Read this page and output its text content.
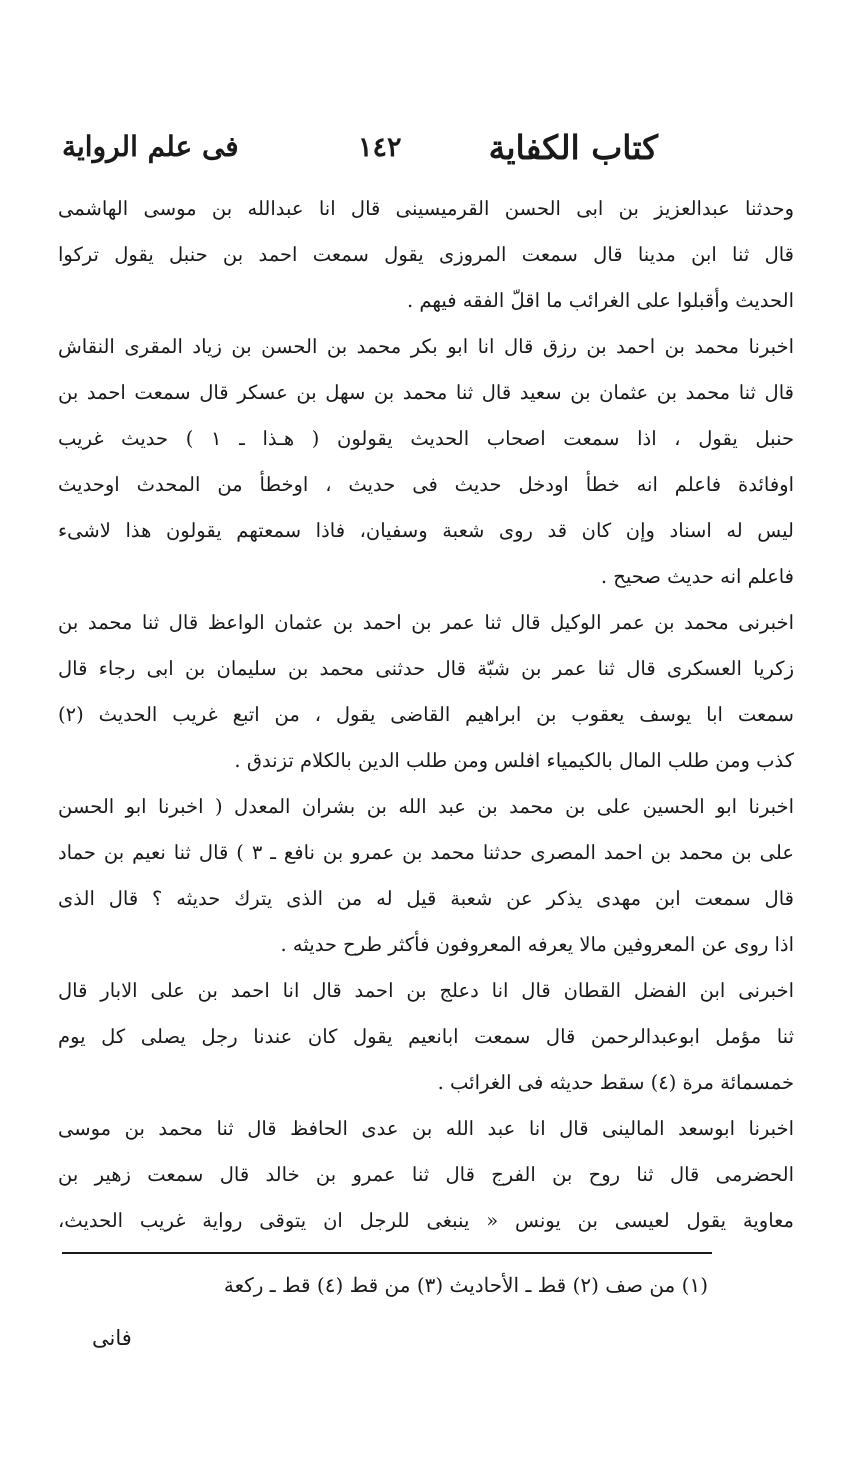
كتاب الكفاية
١٤٢
فى علم الرواية
وحدثنا عبدالعزيز بن ابى الحسن القرميسينى قال انا عبدالله بن موسى الهاشمى
قال ثنا ابن مدينا قال سمعت المروزى يقول سمعت احمد بن حنبل يقول تركوا
الحديث وأقبلوا على الغرائب ما اقلّ الفقه فيهم .
اخبرنا محمد بن احمد بن رزق قال انا ابو بكر محمد بن الحسن بن زياد المقرى النقاش
قال ثنا محمد بن عثمان بن سعيد قال ثنا محمد بن سهل بن عسكر قال سمعت احمد بن
حنبل يقول ، اذا سمعت اصحاب الحديث يقولون ( هـذا ـ ١ ) حديث غريب
اوفائدة فاعلم انه خطأ اودخل حديث فى حديث ، اوخطأ من المحدث اوحديث
ليس له اسناد وإن كان قد روى شعبة وسفيان، فاذا سمعتهم يقولون هذا لاشىء
فاعلم انه حديث صحيح .
اخبرنى محمد بن عمر الوكيل قال ثنا عمر بن احمد بن عثمان الواعظ قال ثنا محمد بن
زكريا العسكرى قال ثنا عمر بن شبّة قال حدثنى محمد بن سليمان بن ابى رجاء قال
سمعت ابا يوسف يعقوب بن ابراهيم القاضى يقول ، من اتبع غريب الحديث (٢)
كذب ومن طلب المال بالكيمياء افلس ومن طلب الدين بالكلام تزندق .
اخبرنا ابو الحسين على بن محمد بن عبد الله بن بشران المعدل ( اخبرنا ابو الحسن
على بن محمد بن احمد المصرى حدثنا محمد بن عمرو بن نافع ـ ٣ ) قال ثنا نعيم بن حماد
قال سمعت ابن مهدى يذكر عن شعبة قيل له من الذى يترك حديثه ؟ قال الذى
اذا روى عن المعروفين مالا يعرفه المعروفون فأكثر طرح حديثه .
اخبرنى ابن الفضل القطان قال انا دعلج بن احمد قال انا احمد بن على الابار قال
ثنا مؤمل ابوعبدالرحمن قال سمعت ابانعيم يقول كان عندنا رجل يصلى كل يوم
خمسمائة مرة (٤) سقط حديثه فى الغرائب .
اخبرنا ابوسعد المالينى قال انا عبد الله بن عدى الحافظ قال ثنا محمد بن موسى
الحضرمى قال ثنا روح بن الفرج قال ثنا عمرو بن خالد قال سمعت زهير بن
معاوية يقول لعيسى بن يونس « ينبغى للرجل ان يتوقى رواية غريب الحديث،
(١) من صف (٢) قط ـ الأحاديث (٣) من قط (٤) قط ـ ركعة
فانى
